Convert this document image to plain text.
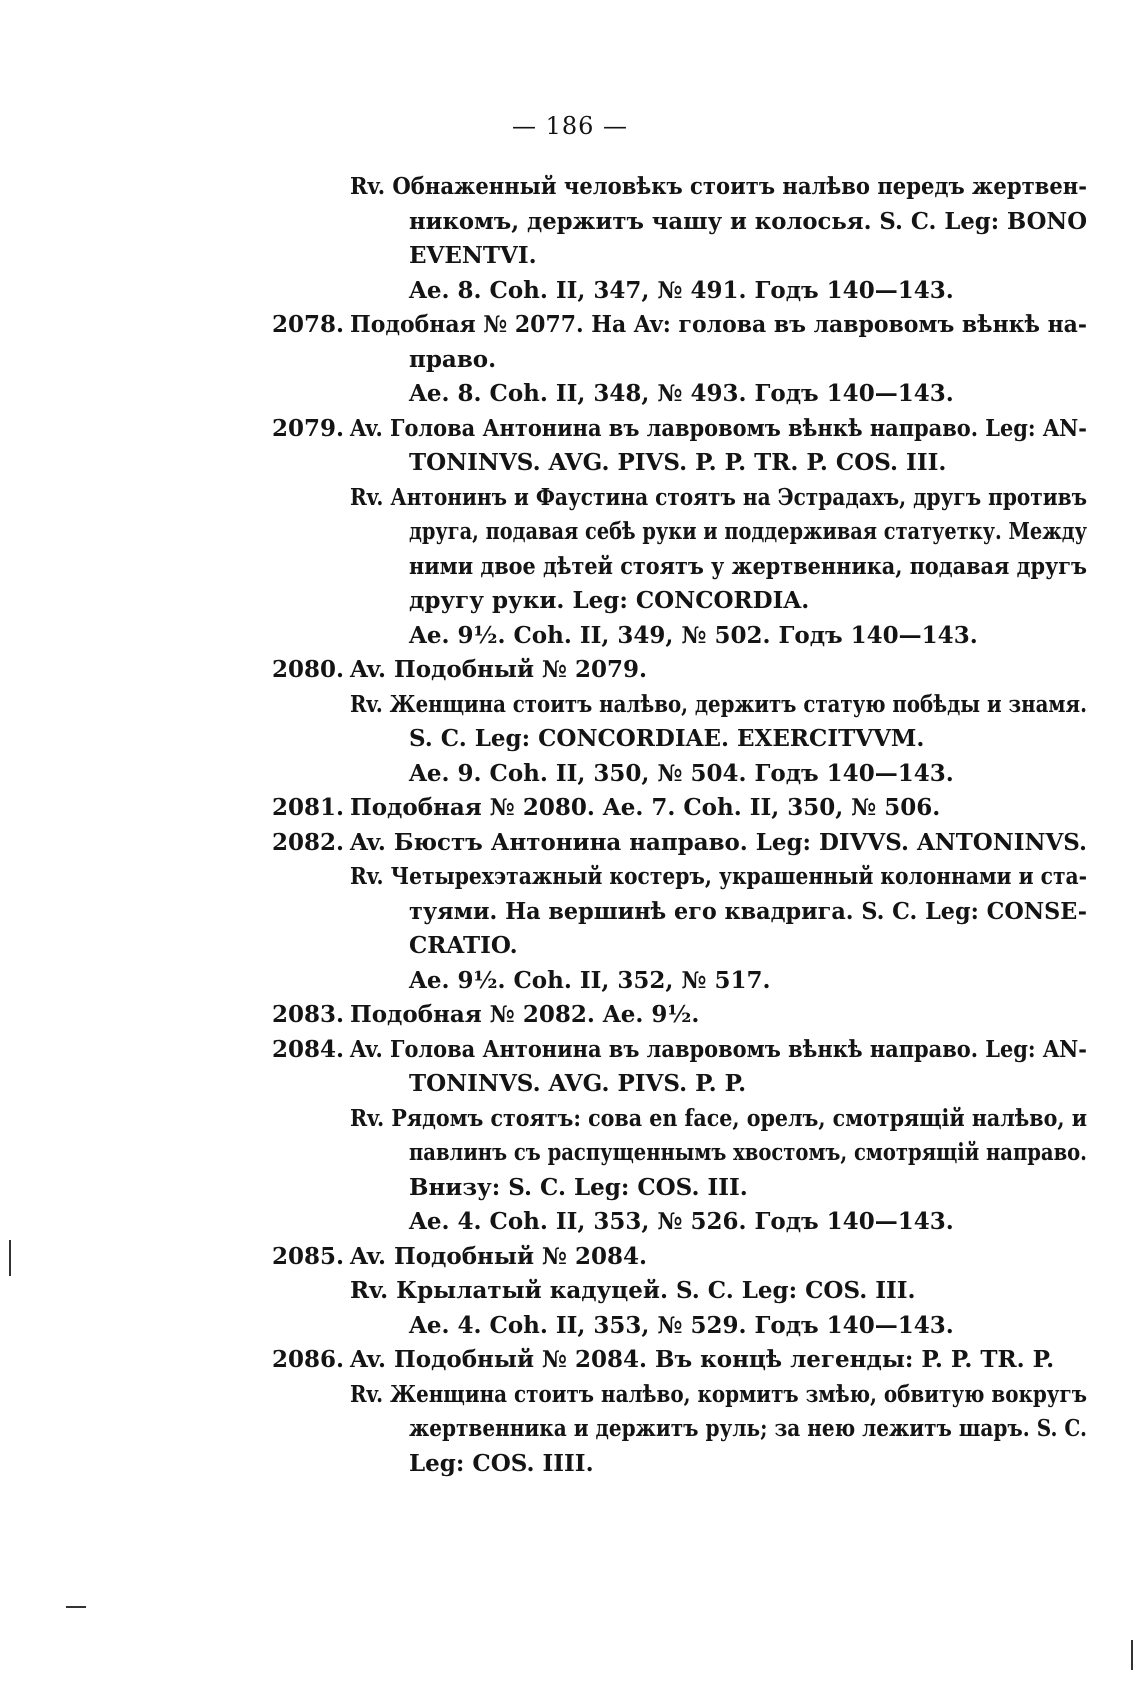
— 186 —
Rv. Обнаженный человѣкъ стоитъ налѣво передъ жертвен-
никомъ, держитъ чашу и колосья. S. C. Leg: BONO
EVENTVI.
Ae. 8. Coh. II, 347, № 491. Годъ 140—143.
2078. Подобная № 2077. На Av: голова въ лавровомъ вѣнкѣ на-
право.
Ae. 8. Coh. II, 348, № 493. Годъ 140—143.
2079. Av. Голова Антонина въ лавровомъ вѣнкѣ направо. Leg: AN-
TONINVS. AVG. PIVS. P. P. TR. P. COS. III.
Rv. Антонинъ и Фаустина стоятъ на Эстрадахъ, другъ противъ
друга, подавая себѣ руки и поддерживая статуетку. Между
ними двое дѣтей стоятъ у жертвенника, подавая другъ
другу руки. Leg: CONCORDIA.
Ae. 9½. Coh. II, 349, № 502. Годъ 140—143.
2080. Av. Подобный № 2079.
Rv. Женщина стоитъ налѣво, держитъ статую побѣды и знамя.
S. C. Leg: CONCORDIAE. EXERCITVVM.
Ae. 9. Coh. II, 350, № 504. Годъ 140—143.
2081. Подобная № 2080. Ae. 7. Coh. II, 350, № 506.
2082. Av. Бюстъ Антонина направо. Leg: DIVVS. ANTONINVS.
Rv. Четырехэтажный костеръ, украшенный колоннами и ста-
туями. На вершинѣ его квадрига. S. C. Leg: CONSE-
CRATIO.
Ae. 9½. Coh. II, 352, № 517.
2083. Подобная № 2082. Ae. 9½.
2084. Av. Голова Антонина въ лавровомъ вѣнкѣ направо. Leg: AN-
TONINVS. AVG. PIVS. P. P.
Rv. Рядомъ стоятъ: сова en face, орелъ, смотрящій налѣво, и
павлинъ съ распущеннымъ хвостомъ, смотрящій направо.
Внизу: S. C. Leg: COS. III.
Ae. 4. Coh. II, 353, № 526. Годъ 140—143.
2085. Av. Подобный № 2084.
Rv. Крылатый кадуцей. S. C. Leg: COS. III.
Ae. 4. Coh. II, 353, № 529. Годъ 140—143.
2086. Av. Подобный № 2084. Въ концѣ легенды: P. P. TR. P.
Rv. Женщина стоитъ налѣво, кормитъ змѣю, обвитую вокругъ
жертвенника и держитъ руль; за нею лежитъ шаръ. S. C.
Leg: COS. IIII.
